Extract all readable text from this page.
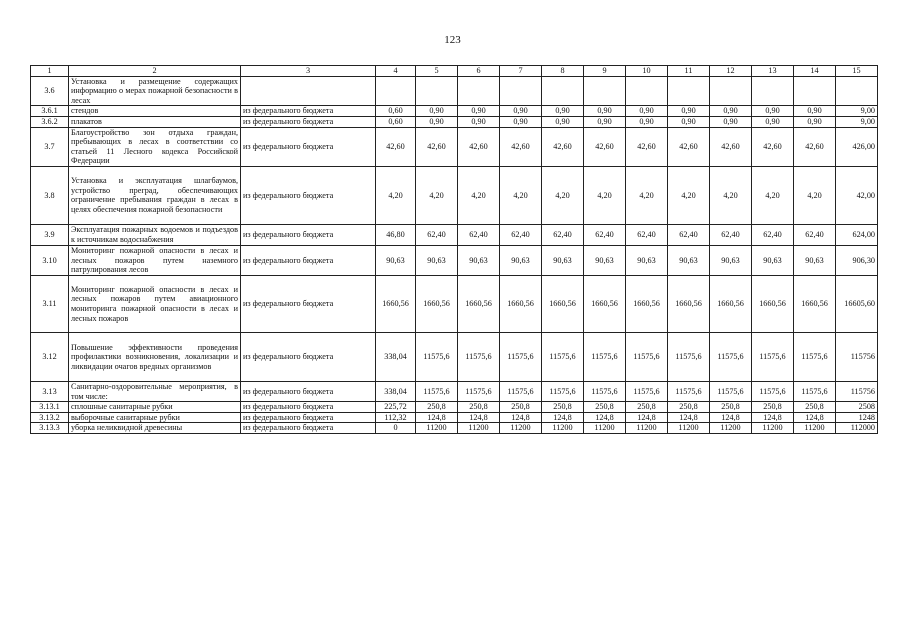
123
1	2	3	4	5	6	7	8	9	10	11	12	13	14	15
3.6	Установка и размещение содержащих информацию о мерах пожарной безопасности в лесах													
3.6.1	стендов	из федерального бюджета	0,60	0,90	0,90	0,90	0,90	0,90	0,90	0,90	0,90	0,90	0,90	9,00
3.6.2	плакатов	из федерального бюджета	0,60	0,90	0,90	0,90	0,90	0,90	0,90	0,90	0,90	0,90	0,90	9,00
3.7	Благоустройство зон отдыха граждан, пребывающих в лесах в соответствии со статьей 11 Лесного кодекса Российской Федерации	из федерального бюджета	42,60	42,60	42,60	42,60	42,60	42,60	42,60	42,60	42,60	42,60	42,60	426,00
3.8	Установка и эксплуатация шлагбаумов, устройство преград, обеспечивающих ограничение пребывания граждан в лесах в целях обеспечения пожарной безопасности	из федерального бюджета	4,20	4,20	4,20	4,20	4,20	4,20	4,20	4,20	4,20	4,20	4,20	42,00
3.9	Эксплуатация пожарных водоемов и подъездов к источникам водоснабжения	из федерального бюджета	46,80	62,40	62,40	62,40	62,40	62,40	62,40	62,40	62,40	62,40	62,40	624,00
3.10	Мониторинг пожарной опасности в лесах и лесных пожаров путем наземного патрулирования лесов	из федерального бюджета	90,63	90,63	90,63	90,63	90,63	90,63	90,63	90,63	90,63	90,63	90,63	906,30
3.11	Мониторинг пожарной опасности в лесах и лесных пожаров путем авиационного мониторинга пожарной опасности в лесах и лесных пожаров	из федерального бюджета	1660,56	1660,56	1660,56	1660,56	1660,56	1660,56	1660,56	1660,56	1660,56	1660,56	1660,56	16605,60
3.12	Повышение эффективности проведения профилактики возникновения, локализации и ликвидации очагов вредных организмов	из федерального бюджета	338,04	11575,6	11575,6	11575,6	11575,6	11575,6	11575,6	11575,6	11575,6	11575,6	11575,6	115756
3.13	Санитарно-оздоровительные мероприятия, в том числе:	из федерального бюджета	338,04	11575,6	11575,6	11575,6	11575,6	11575,6	11575,6	11575,6	11575,6	11575,6	11575,6	115756
3.13.1	сплошные санитарные рубки	из федерального бюджета	225,72	250,8	250,8	250,8	250,8	250,8	250,8	250,8	250,8	250,8	250,8	2508
3.13.2	выборочные санитарные рубки	из федерального бюджета	112,32	124,8	124,8	124,8	124,8	124,8	124,8	124,8	124,8	124,8	124,8	1248
3.13.3	уборка неликвидной древесины	из федерального бюджета	0	11200	11200	11200	11200	11200	11200	11200	11200	11200	11200	112000
